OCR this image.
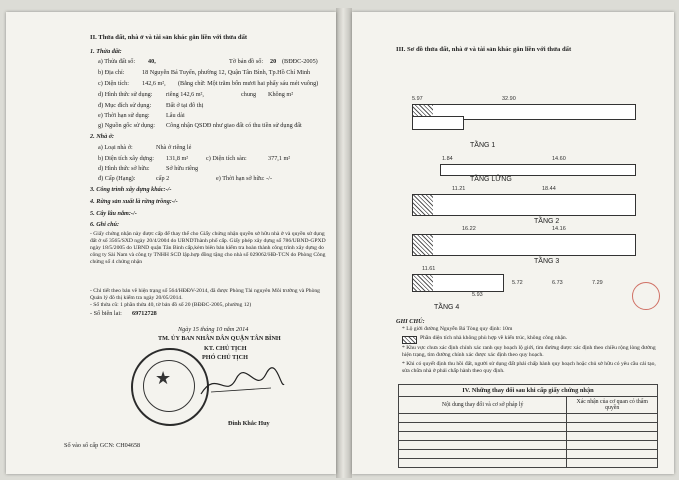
II. Thửa đất, nhà ở và tài sản khác gắn liền với thửa đất
1. Thửa đất:
a) Thửa đất số: 40,	Tờ bản đồ số: 20 (BĐĐC-2005)
b) Địa chỉ:	18 Nguyễn Bá Tuyển, phường 12, Quận Tân Bình, Tp.Hồ Chí Minh
c) Diện tích: 142,6 m², (Bằng chữ: Một trăm bốn mươi hai phẩy sáu mét vuông)
d) Hình thức sử dụng: riêng 142,6 m²,	chung Không m²
đ) Mục đích sử dụng: Đất ở tại đô thị
e) Thời hạn sử dụng:	Lâu dài
g) Nguồn gốc sử dụng: Công nhận QSDĐ như giao đất có thu tiền sử dụng đất
2. Nhà ở:
a) Loại nhà ở:	Nhà ở riêng lẻ
b) Diện tích xây dựng: 131,8 m²	c) Diện tích sàn:	377,1 m²
d) Hình thức sở hữu:	Sở hữu riêng
đ) Cấp (Hạng):	cấp 2	e) Thời hạn sở hữu: -/-
3. Công trình xây dựng khác:-/-
4. Rừng sản xuất là rừng trồng:-/-
5. Cây lâu năm:-/-
6. Ghi chú:
- Giấy chứng nhận này được cấp để thay thế cho Giấy chứng nhận quyền sở hữu nhà ở và quyền sử dụng đất ở số 3565/SXD ngày 20/4/2004 do UBNDThành phố cấp. Giấy phép xây dựng số 786/UBND-GPXD ngày 18/5/2005 do UBND quận Tân Bình cấp,kèm biên bản kiểm tra hoàn thành công trình xây dựng do công ty Sài Nam và công ty TNHH SCD lập.hợp đồng tặng cho nhà số 029062/HĐ-TCN do Phòng Công chứng số 4 chứng nhận
- Chỉ tiết theo bản vẽ hiện trạng số 564/HĐĐV-2014, đã được Phòng Tài nguyên Môi trường và Phòng Quản lý đô thị kiểm tra ngày 20/05/2014.
- Số thửa cũ: 1 phần thửa 40, tờ bản đồ số 20 (BĐĐC-2005, phường 12)
- Số biên lai: 69712728
Ngày 15 tháng 10 năm 2014
TM. ỦY BAN NHÂN DÂN QUẬN TÂN BÌNH
KT. CHỦ TỊCH
PHÓ CHỦ TỊCH
★
Đinh Khắc Huy
Số vào sổ cấp GCN: CH04658
III. Sơ đồ thửa đất, nhà ở và tài sản khác gắn liền với thửa đất
5.97	32.90
TẦNG 1
1.84	14.60
TẦNG LỬNG
11.21	18.44
TẦNG 2
16.22	14.16
TẦNG 3
11.61
5.93
TẦNG 4
5.72	6.73	7.29
GHI CHÚ:
* Lộ giới đường Nguyễn Bá Tòng quy định: 10m
Phần diện tích nhà không phù hợp về kiến trúc, không công nhận.
* Khu vực chưa xác định chính xác ranh quy hoạch lộ giới, tìm đường được xác định theo chiều rộng lòng đường hiện trạng, tìm đường chính xác được xác định theo quy hoạch.
* Khi có quyết định thu hồi đất, người sử dụng đất phải chấp hành quy hoạch hoặc chủ sở hữu có yêu cầu cải tạo, sửa chữa nhà ở phải chấp hành theo quy định.
IV. Những thay đổi sau khi cấp giấy chứng nhận	
Nội dung thay đổi và cơ sở pháp lý	Xác nhận của cơ quan có thẩm quyền
